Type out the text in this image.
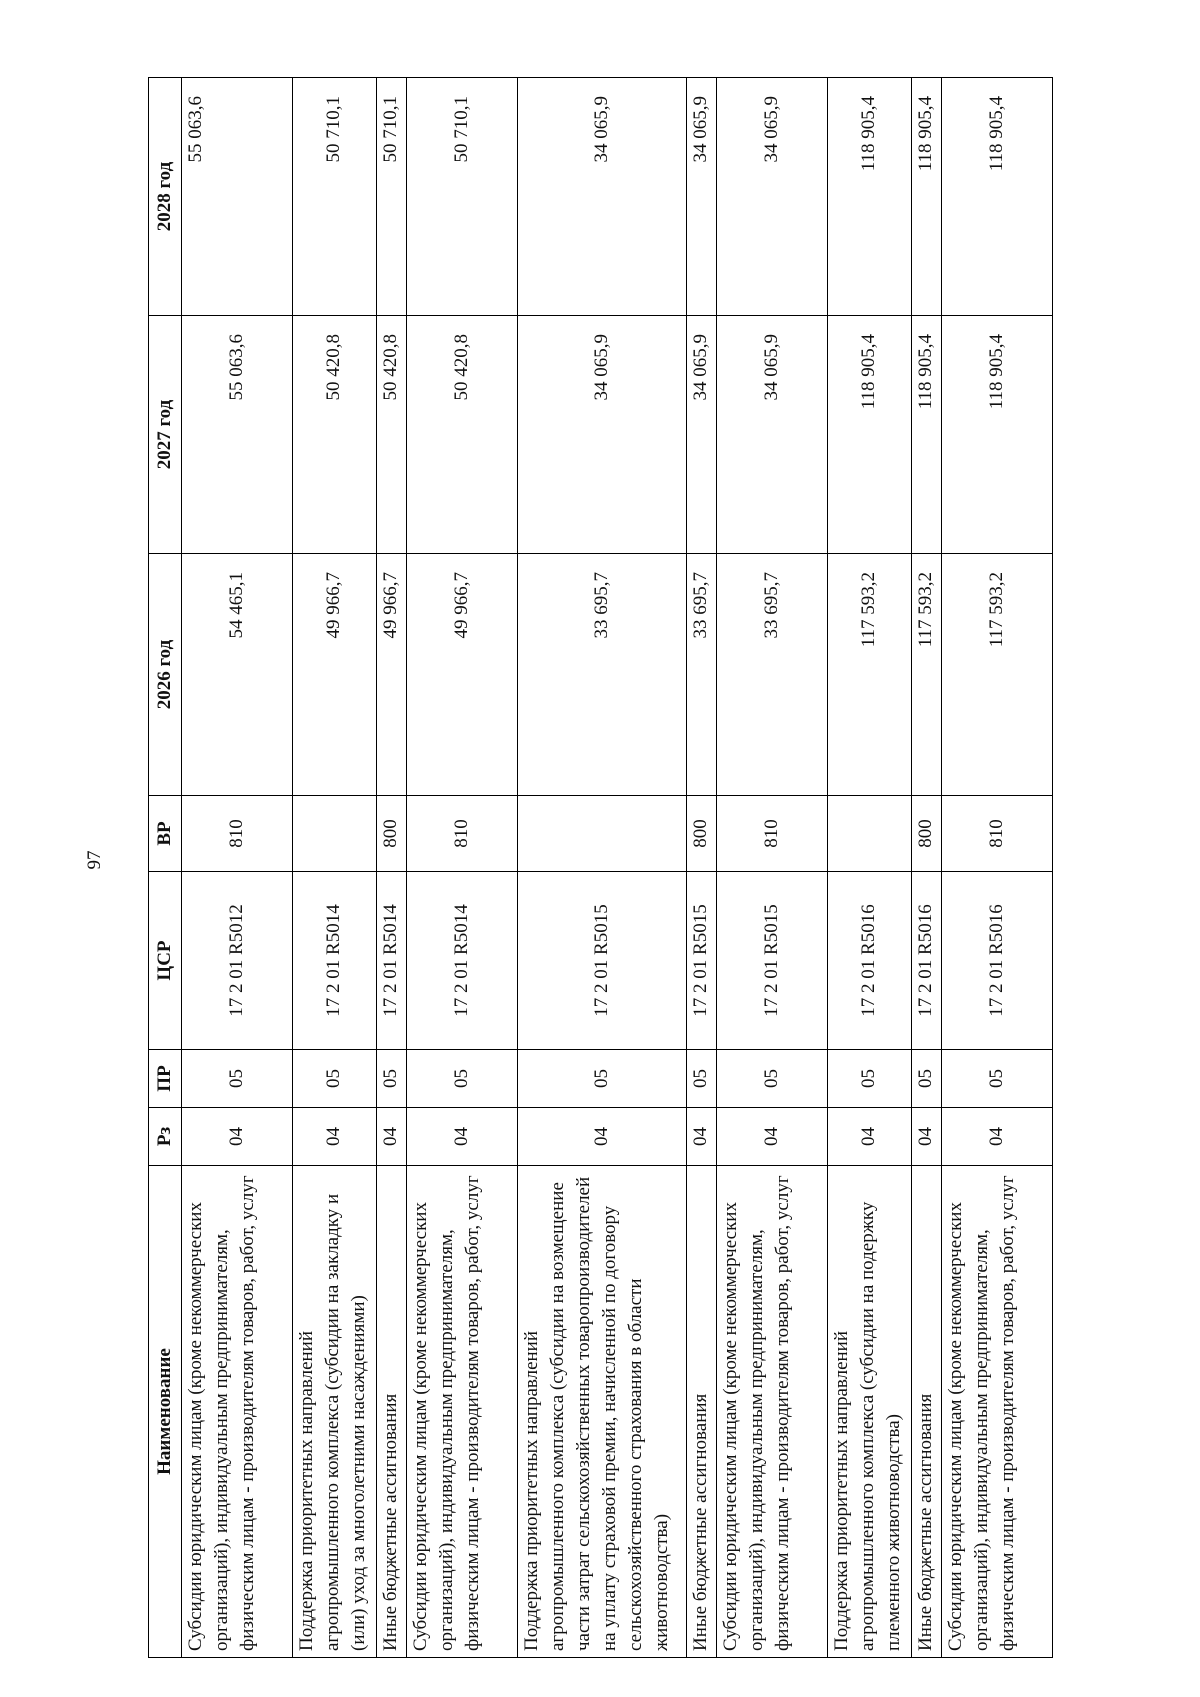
97
Наименование	Рз	ПР	ЦСР	ВР	2026 год	2027 год	2028 год
Субсидии юридическим лицам (кроме некоммерческих организаций), индивидуальным предпринимателям, физическим лицам - производителям товаров, работ, услуг	04	05	17 2 01 R5012	810	54 465,1	55 063,6	55 063,6
Поддержка приоритетных направлений агропромышленного комплекса (субсидии на закладку и (или) уход за многолетними насаждениями)	04	05	17 2 01 R5014		49 966,7	50 420,8	50 710,1
Иные бюджетные ассигнования	04	05	17 2 01 R5014	800	49 966,7	50 420,8	50 710,1
Субсидии юридическим лицам (кроме некоммерческих организаций), индивидуальным предпринимателям, физическим лицам - производителям товаров, работ, услуг	04	05	17 2 01 R5014	810	49 966,7	50 420,8	50 710,1
Поддержка приоритетных направлений агропромышленного комплекса (субсидии на возмещение части затрат сельскохозяйственных товаропроизводителей на уплату страховой премии, начисленной по договору сельскохозяйственного страхования в области животноводства)	04	05	17 2 01 R5015		33 695,7	34 065,9	34 065,9
Иные бюджетные ассигнования	04	05	17 2 01 R5015	800	33 695,7	34 065,9	34 065,9
Субсидии юридическим лицам (кроме некоммерческих организаций), индивидуальным предпринимателям, физическим лицам - производителям товаров, работ, услуг	04	05	17 2 01 R5015	810	33 695,7	34 065,9	34 065,9
Поддержка приоритетных направлений агропромышленного комплекса (субсидии на подержку племенного животноводства)	04	05	17 2 01 R5016		117 593,2	118 905,4	118 905,4
Иные бюджетные ассигнования	04	05	17 2 01 R5016	800	117 593,2	118 905,4	118 905,4
Субсидии юридическим лицам (кроме некоммерческих организаций), индивидуальным предпринимателям, физическим лицам - производителям товаров, работ, услуг	04	05	17 2 01 R5016	810	117 593,2	118 905,4	118 905,4
